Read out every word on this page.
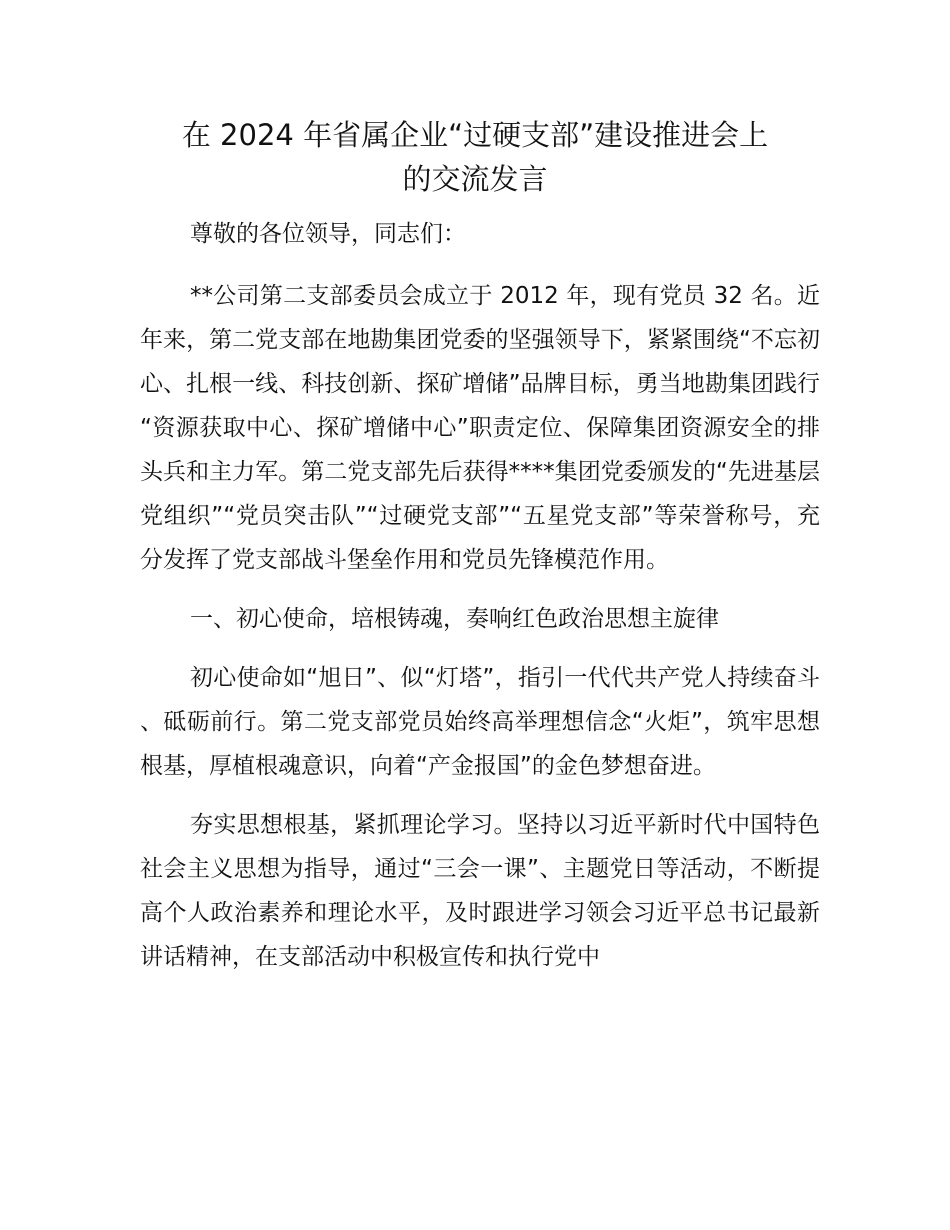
在 2024 年省属企业“过硬支部”建设推进会上
的交流发言

尊敬的各位领导，同志们：

**公司第二支部委员会成立于 2012 年，现有党员 32 名。近年来，第二党支部在地勘集团党委的坚强领导下，紧紧围绕“不忘初心、扎根一线、科技创新、探矿增储”品牌目标，勇当地勘集团践行“资源获取中心、探矿增储中心”职责定位、保障集团资源安全的排头兵和主力军。第二党支部先后获得****集团党委颁发的“先进基层党组织”“党员突击队”“过硬党支部”“五星党支部”等荣誉称号，充分发挥了党支部战斗堡垒作用和党员先锋模范作用。

一、初心使命，培根铸魂，奏响红色政治思想主旋律

初心使命如“旭日”、似“灯塔”，指引一代代共产党人持续奋斗、砥砺前行。第二党支部党员始终高举理想信念“火炬”，筑牢思想根基，厚植根魂意识，向着“产金报国”的金色梦想奋进。

夯实思想根基，紧抓理论学习。坚持以习近平新时代中国特色社会主义思想为指导，通过“三会一课”、主题党日等活动，不断提高个人政治素养和理论水平，及时跟进学习领会习近平总书记最新讲话精神，在支部活动中积极宣传和执行党中
